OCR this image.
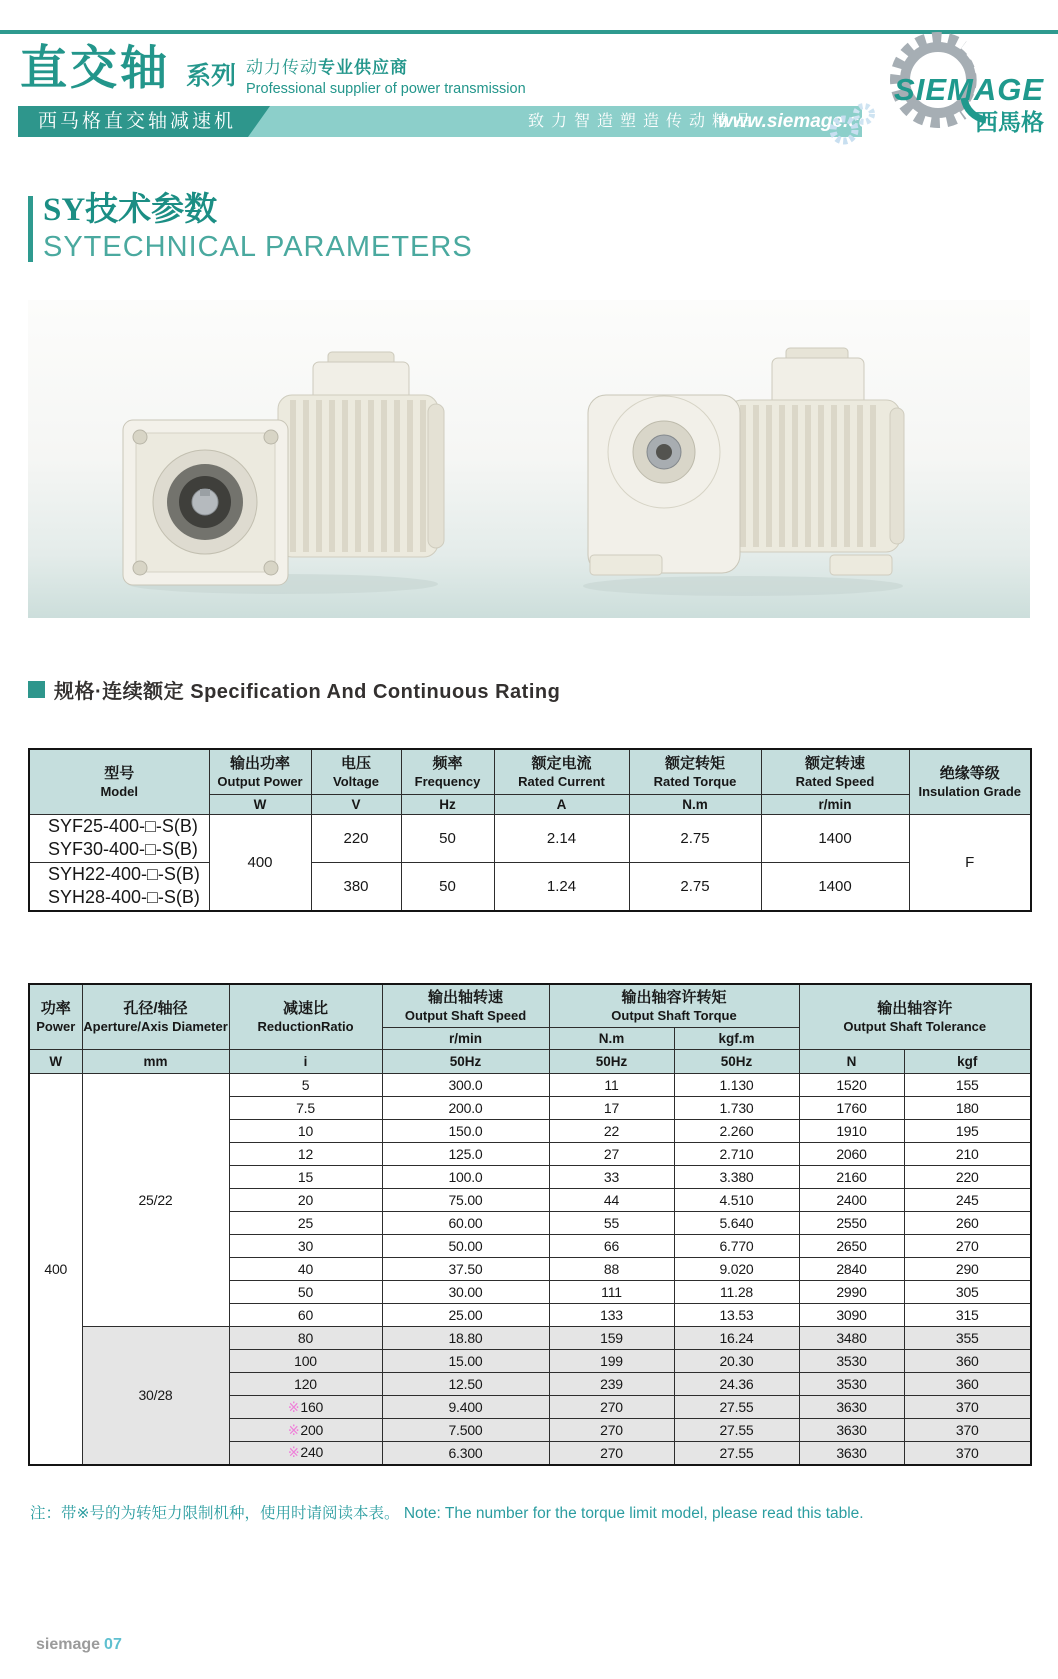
直交轴 系列 动力传动专业供应商
Professional supplier of power transmission
西马格直交轴减速机	致力智造塑造传动精品
www.siemage.com
SIEMAGE
西馬格
SY技术参数
SYTECHNICAL PARAMETERS
规格·连续额定 Specification And Continuous Rating
型号
Model

输出功率
Output Power

电压
Voltage

频率
Frequency

额定电流
Rated Current

额定转矩
Rated Torque

额定转速
Rated Speed	绝缘等级
Insulation Grade

	W	V	Hz	A	N.m	r/min	

SYF25-400-□-S(B)
SYF30-400-□-S(B)	400	220	50	2.14	2.75	1400	F

SYH22-400-□-S(B)
SYH28-400-□-S(B)		380	50	1.24	2.75	1400	
功率
Power

孔径/轴径
Aperture/Axis Diameter

减速比
ReductionRatio

输出轴转速
Output Shaft Speed

输出轴容许转矩
Output Shaft Torque	输出轴容许
Output Shaft Tolerance

			r/min	N.m	kgf.m		
W	mm	i	50Hz	50Hz	50Hz	N	kgf
400	25/22	5	300.0	11	1.130	1520	155
		7.5	200.0	17	1.730	1760	180
		10	150.0	22	2.260	1910	195
		12	125.0	27	2.710	2060	210
		15	100.0	33	3.380	2160	220
		20	75.00	44	4.510	2400	245
		25	60.00	55	5.640	2550	260
		30	50.00	66	6.770	2650	270
		40	37.50	88	9.020	2840	290
		50	30.00	111	11.28	2990	305
		60	25.00	133	13.53	3090	315
	30/28	80	18.80	159	16.24	3480	355
		100	15.00	199	20.30	3530	360
		120	12.50	239	24.36	3530	360
		※160	9.400	270	27.55	3630	370
		※200	7.500	270	27.55	3630	370
		※240	6.300	270	27.55	3630	370
注：带※号的为转矩力限制机种，使用时请阅读本表。 Note: The number for the torque limit model, please read this table.
siemage 07
